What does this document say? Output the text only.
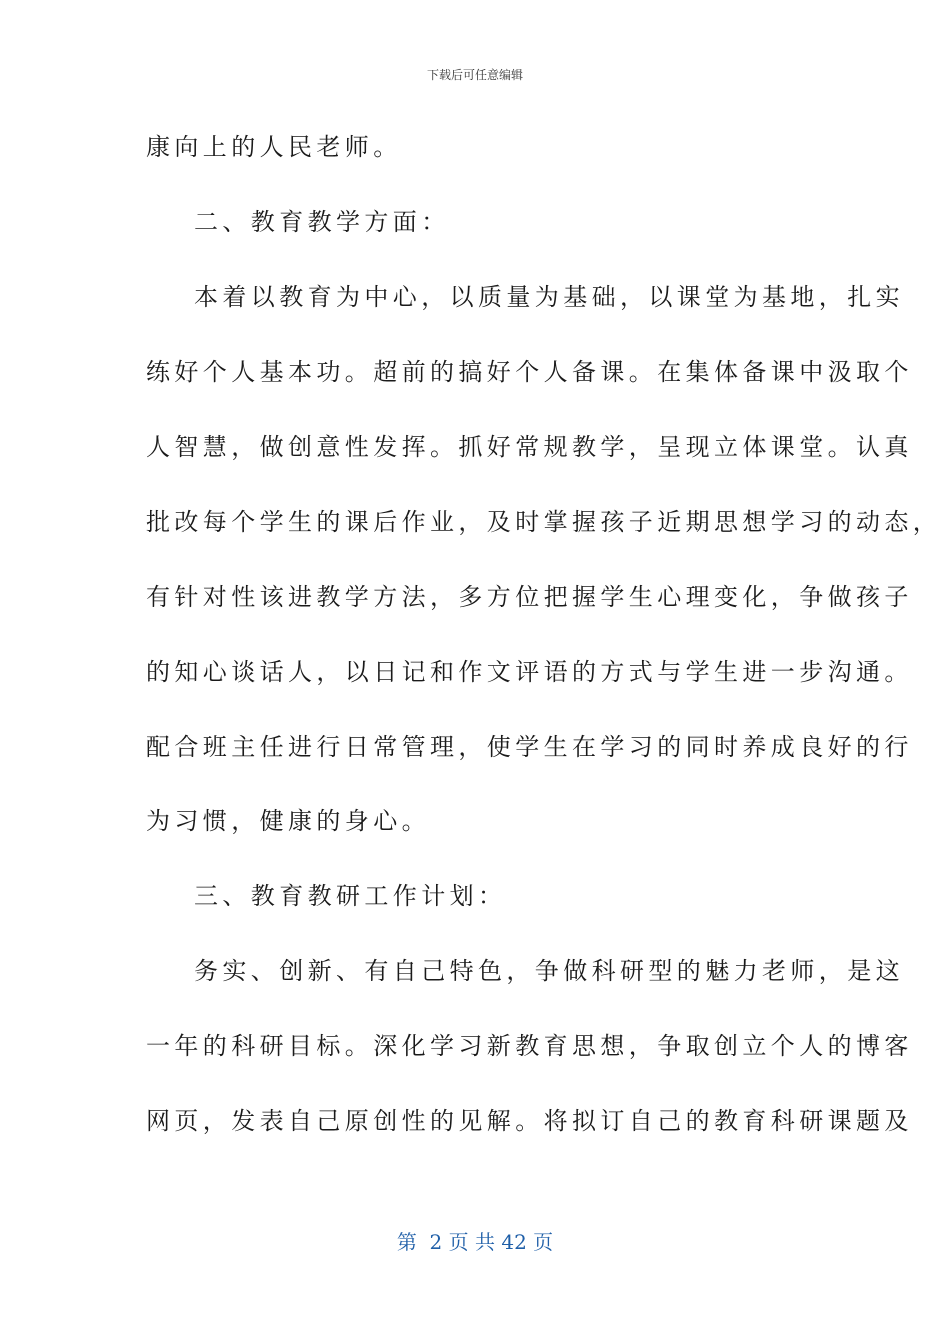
下载后可任意编辑
康向上的人民老师。
二、教育教学方面：
本着以教育为中心，以质量为基础，以课堂为基地，扎实
练好个人基本功。超前的搞好个人备课。在集体备课中汲取个
人智慧，做创意性发挥。抓好常规教学，呈现立体课堂。认真
批改每个学生的课后作业，及时掌握孩子近期思想学习的动态，
有针对性该进教学方法，多方位把握学生心理变化，争做孩子
的知心谈话人，以日记和作文评语的方式与学生进一步沟通。
配合班主任进行日常管理，使学生在学习的同时养成良好的行
为习惯，健康的身心。
三、教育教研工作计划：
务实、创新、有自己特色，争做科研型的魅力老师，是这
一年的科研目标。深化学习新教育思想，争取创立个人的博客
网页，发表自己原创性的见解。将拟订自己的教育科研课题及
第  2 页 共 42 页
